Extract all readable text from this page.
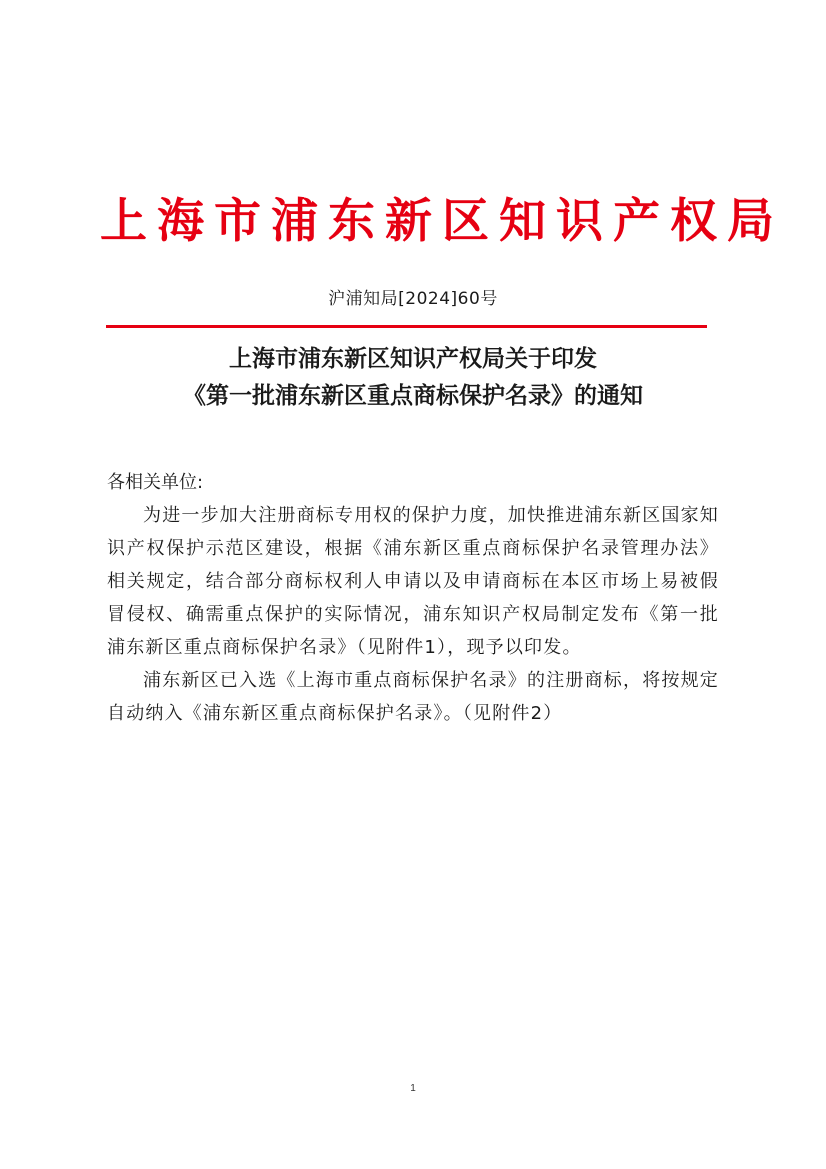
上海市浦东新区知识产权局
沪浦知局[2024]60号
上海市浦东新区知识产权局关于印发
《第一批浦东新区重点商标保护名录》的通知

各相关单位:

为进一步加大注册商标专用权的保护力度，加快推进浦东新区国家知识产权保护示范区建设，根据《浦东新区重点商标保护名录管理办法》相关规定，结合部分商标权利人申请以及申请商标在本区市场上易被假冒侵权、确需重点保护的实际情况，浦东知识产权局制定发布《第一批浦东新区重点商标保护名录》（见附件1），现予以印发。

浦东新区已入选《上海市重点商标保护名录》的注册商标，将按规定自动纳入《浦东新区重点商标保护名录》。（见附件2）

1
